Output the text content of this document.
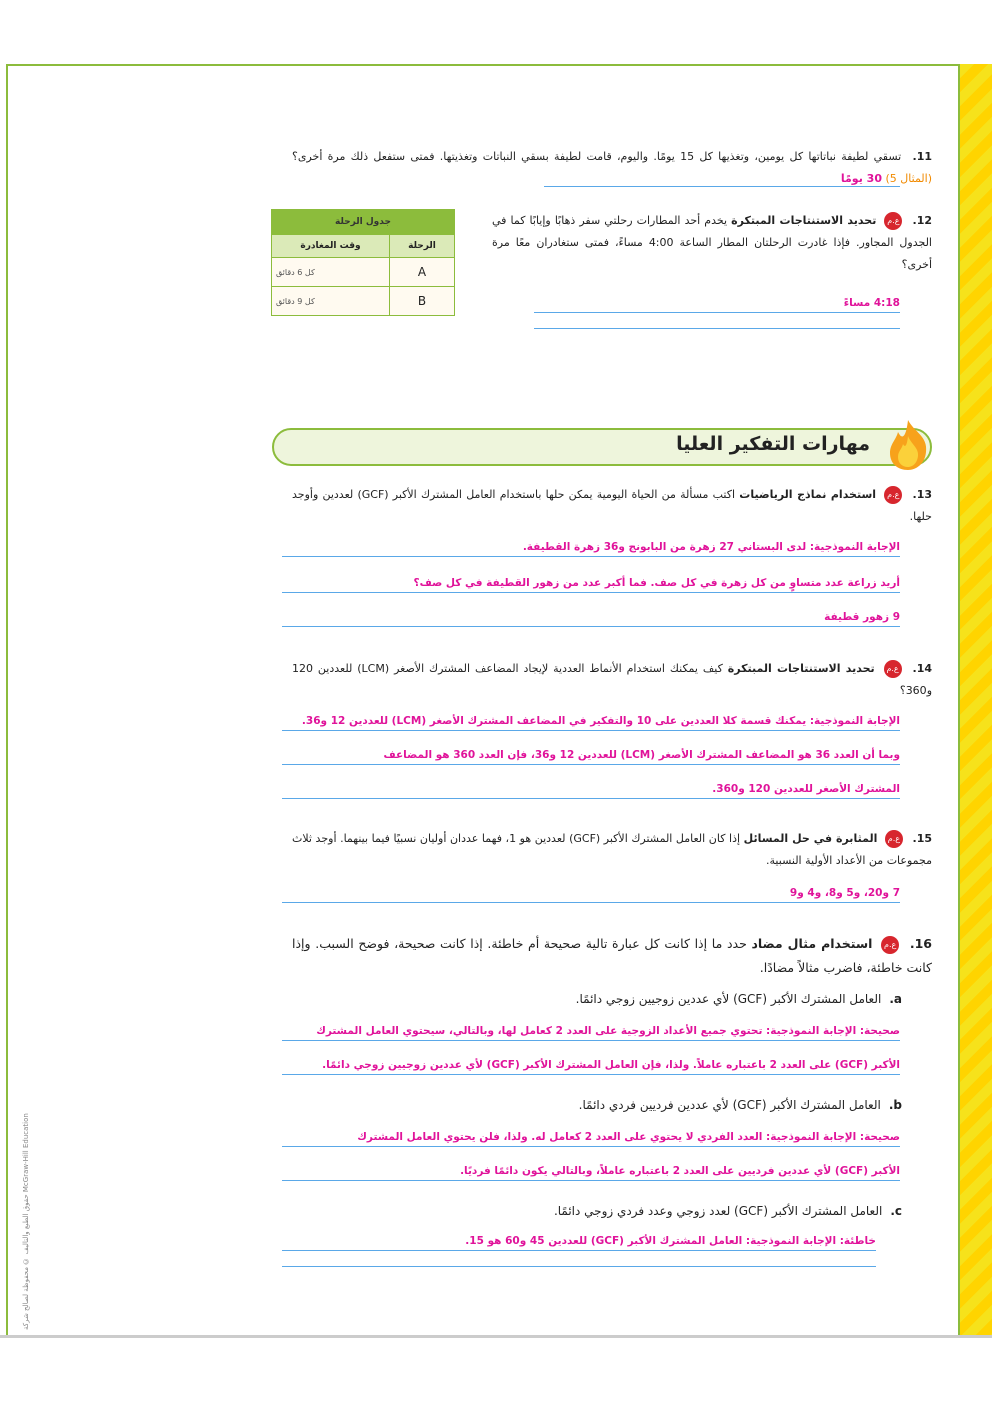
حقوق الطبع والتأليف © محفوظة لصالح شركة McGraw-Hill Education
11. تسقي لطيفة نباتاتها كل يومين، وتغذيها كل 15 يومًا. واليوم، قامت لطيفة بسقي النباتات وتغذيتها. فمتى ستفعل ذلك مرة أخرى؟ (المثال 5) 30 يومًا
12. ع.م تحديد الاستنتاجات المبتكرة يخدم أحد المطارات رحلتي سفر ذهابًا وإيابًا كما في الجدول المجاور. فإذا غادرت الرحلتان المطار الساعة 4:00 مساءً، فمتى ستغادران معًا مرة أخرى؟
4:18 مساءً
جدول الرحلة	
الرحلة	وقت المغادرة
A	كل 6 دقائق
B	كل 9 دقائق
مهارات التفكير العليا
13. ع.م استخدام نماذج الرياضيات اكتب مسألة من الحياة اليومية يمكن حلها باستخدام العامل المشترك الأكبر (GCF) لعددين وأوجد حلها.
الإجابة النموذجية: لدى البستاني 27 زهرة من البابونج و36 زهرة القطيفة.
أريد زراعة عدد متساوٍ من كل زهرة في كل صف. فما أكبر عدد من زهور القطيفة في كل صف؟
9 زهور قطيفة
14. ع.م تحديد الاستنتاجات المبتكرة كيف يمكنك استخدام الأنماط العددية لإيجاد المضاعف المشترك الأصغر (LCM) للعددين 120 و360؟
الإجابة النموذجية: يمكنك قسمة كلا العددين على 10 والتفكير في المضاعف المشترك الأصغر (LCM) للعددين 12 و36.
وبما أن العدد 36 هو المضاعف المشترك الأصغر (LCM) للعددين 12 و36، فإن العدد 360 هو المضاعف
المشترك الأصغر للعددين 120 و360.
15. ع.م المثابرة في حل المسائل إذا كان العامل المشترك الأكبر (GCF) لعددين هو 1، فهما عددان أوليان نسبيًا فيما بينهما. أوجد ثلاث مجموعات من الأعداد الأولية النسبية.
7 و20، و5 و8، و4 و9
16. ع.م استخدام مثال مضاد حدد ما إذا كانت كل عبارة تالية صحيحة أم خاطئة. إذا كانت صحيحة، فوضح السبب. وإذا كانت خاطئة، فاضرب مثالاً مضادًا.
a.العامل المشترك الأكبر (GCF) لأي عددين زوجيين زوجي دائمًا.
صحيحة: الإجابة النموذجية: تحتوي جميع الأعداد الزوجية على العدد 2 كعامل لها، وبالتالي، سيحتوي العامل المشترك
الأكبر (GCF) على العدد 2 باعتباره عاملاً. ولذا، فإن العامل المشترك الأكبر (GCF) لأي عددين زوجيين زوجي دائمًا.
b.العامل المشترك الأكبر (GCF) لأي عددين فرديين فردي دائمًا.
صحيحة: الإجابة النموذجية: العدد الفردي لا يحتوي على العدد 2 كعامل له. ولذا، فلن يحتوي العامل المشترك
الأكبر (GCF) لأي عددين فرديين على العدد 2 باعتباره عاملاً، وبالتالي يكون دائمًا فرديًا.
c.العامل المشترك الأكبر (GCF) لعدد زوجي وعدد فردي زوجي دائمًا.
خاطئة: الإجابة النموذجية: العامل المشترك الأكبر (GCF) للعددين 45 و60 هو 15.
